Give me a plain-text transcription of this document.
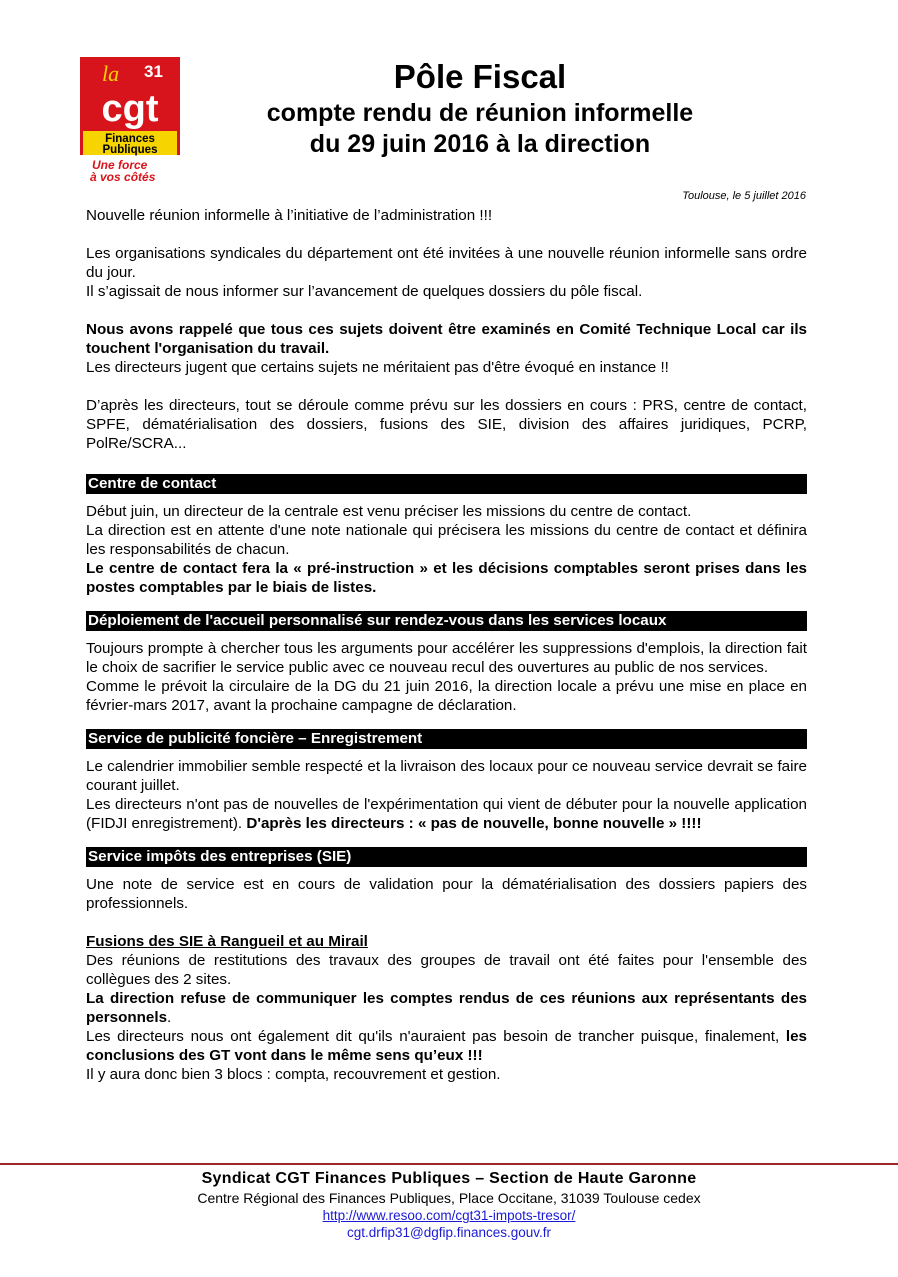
la 31
cgt
Finances
Publiques
Une force
à vos côtés
Pôle Fiscal
compte rendu de réunion informelle
du 29 juin 2016 à la direction
Toulouse, le 5 juillet 2016

Nouvelle réunion informelle à l’initiative de l’administration !!!

Les organisations syndicales du département ont été invitées à une nouvelle réunion informelle sans ordre du jour.

Il s’agissait de nous informer sur l’avancement de quelques dossiers du pôle fiscal.

Nous avons rappelé que tous ces sujets doivent être examinés en Comité Technique Local car ils touchent l'organisation du travail.

Les directeurs jugent que certains sujets ne méritaient pas d'être évoqué en instance !!

D’après les directeurs, tout se déroule comme prévu sur les dossiers en cours : PRS, centre de contact, SPFE, dématérialisation des dossiers, fusions des SIE, division des affaires juridiques, PCRP, PolRe/SCRA...

Centre de contact

Début juin, un directeur de la centrale est venu préciser les missions du centre de contact.

La direction est en attente d'une note nationale qui précisera les missions du centre de contact et définira les responsabilités de chacun.

Le centre de contact fera la « pré-instruction » et les décisions comptables seront prises dans les postes comptables par le biais de listes.

Déploiement de l'accueil personnalisé sur rendez-vous dans les services locaux

Toujours prompte à chercher tous les arguments pour accélérer les suppressions d'emplois, la direction fait le choix de sacrifier le service public avec ce nouveau recul des ouvertures au public de nos services.

Comme le prévoit la circulaire de la DG du 21 juin 2016, la direction locale a prévu une mise en place en février-mars 2017, avant la prochaine campagne de déclaration.

Service de publicité foncière – Enregistrement

Le calendrier immobilier semble respecté et la livraison des locaux pour ce nouveau service devrait se faire courant juillet.

Les directeurs n'ont pas de nouvelles de l'expérimentation qui vient de débuter pour la nouvelle application (FIDJI enregistrement). D'après les directeurs : « pas de nouvelle, bonne nouvelle » !!!!

Service impôts des entreprises (SIE)

Une note de service est en cours de validation pour la dématérialisation des dossiers papiers des professionnels.

Fusions des SIE à Rangueil et au Mirail

Des réunions de restitutions des travaux des groupes de travail ont été faites pour l'ensemble des collègues des 2 sites.

La direction refuse de communiquer les comptes rendus de ces réunions aux représentants des personnels.

Les directeurs nous ont également dit qu'ils n'auraient pas besoin de trancher puisque, finalement, les conclusions des GT vont dans le même sens qu’eux !!!

Il y aura donc bien 3 blocs : compta, recouvrement et gestion.

Syndicat CGT Finances Publiques – Section de Haute Garonne
Centre Régional des Finances Publiques, Place Occitane, 31039 Toulouse cedex
http://www.resoo.com/cgt31-impots-tresor/
cgt.drfip31@dgfip.finances.gouv.fr
